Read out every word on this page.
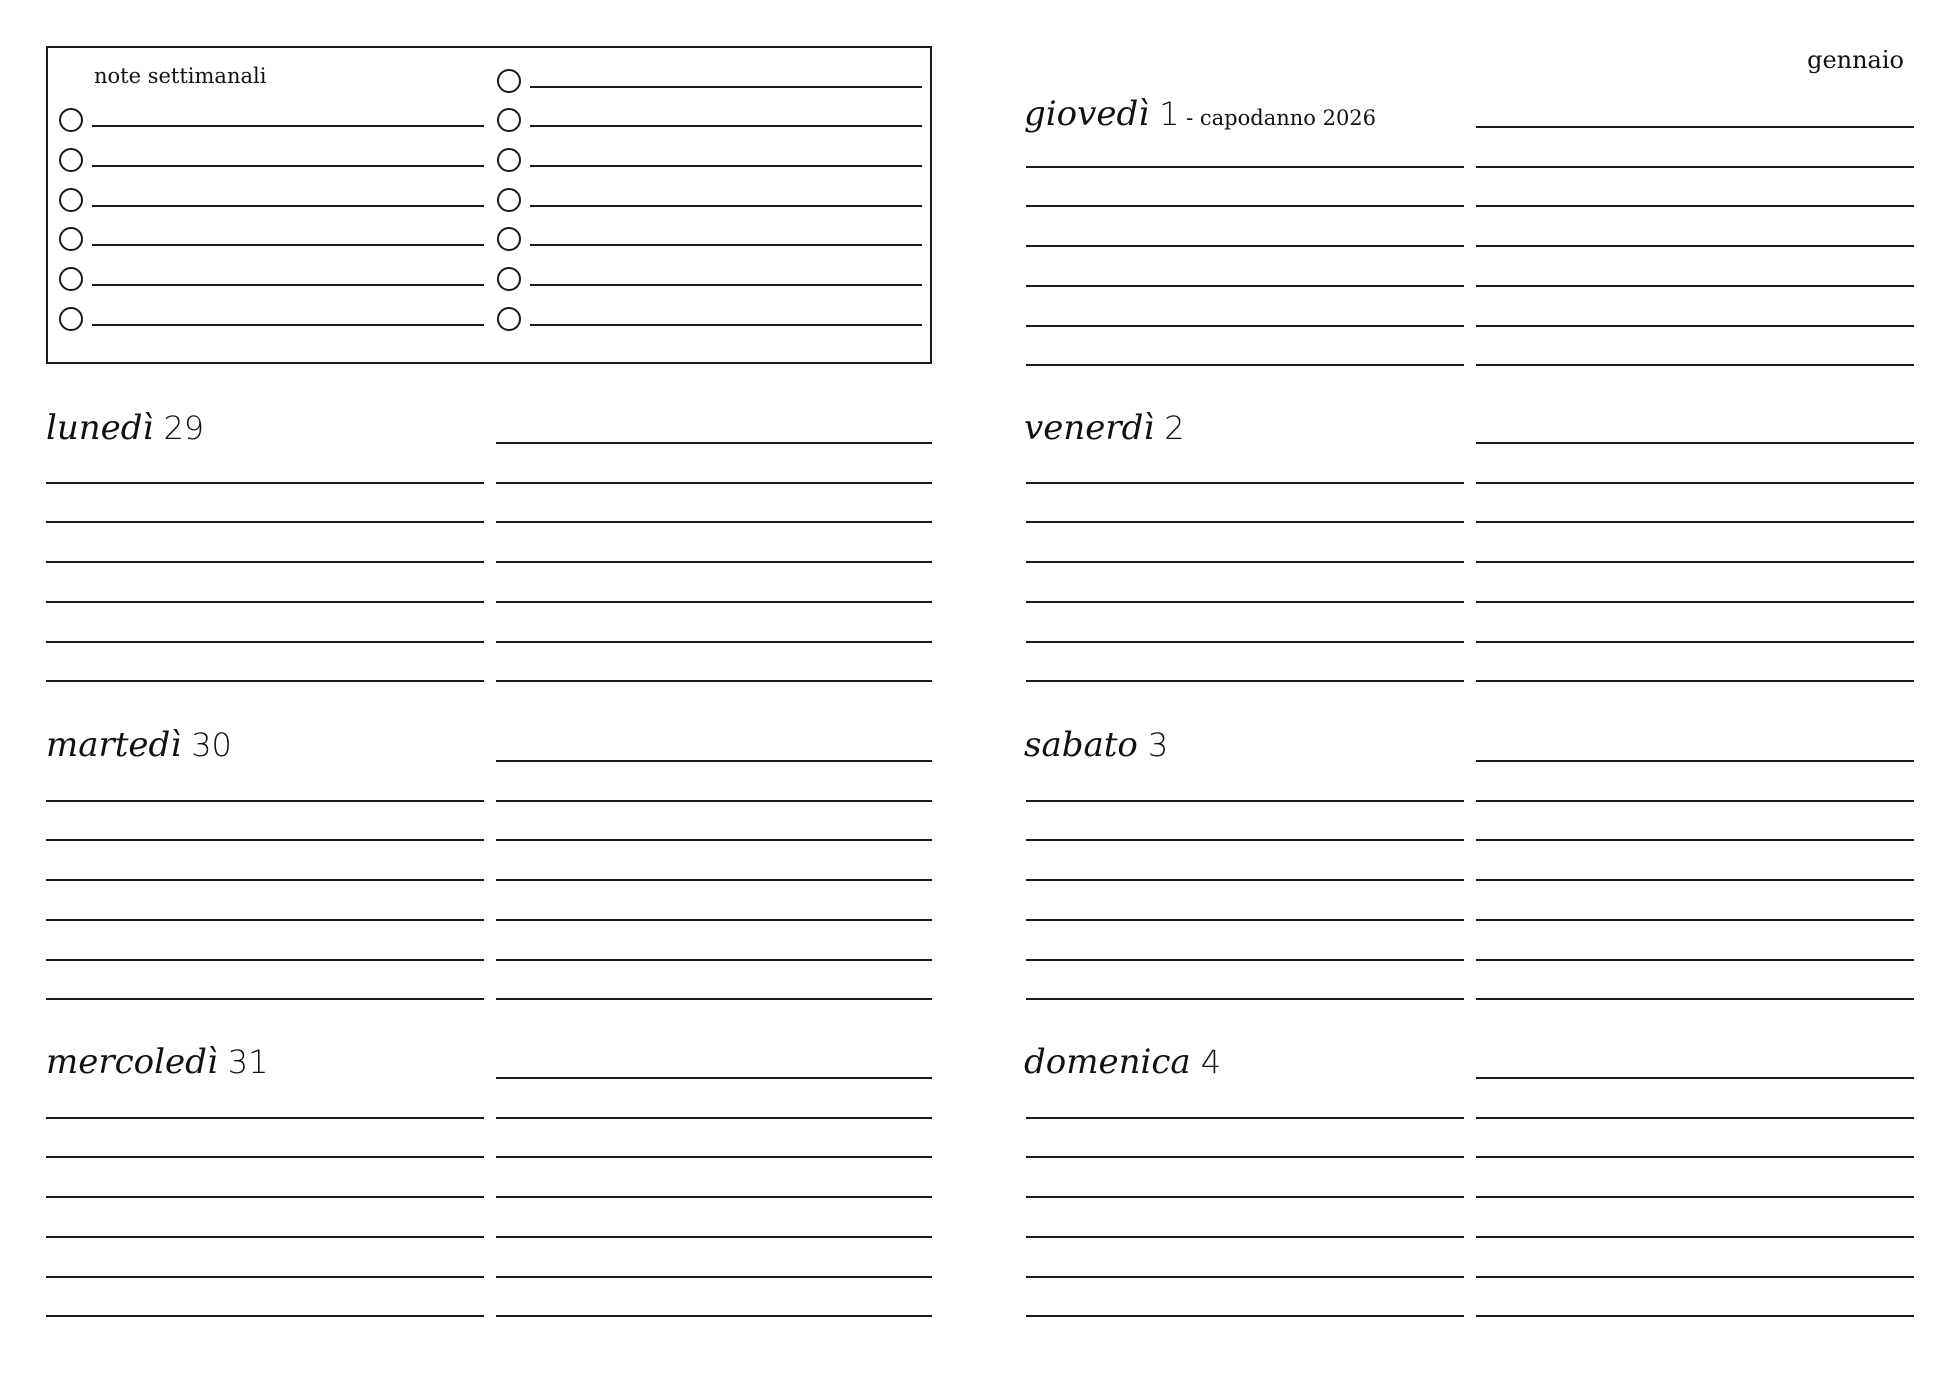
gennaio
note settimanali
lunedì 29
martedì 30
mercoledì 31
giovedì 1 - capodanno 2026
venerdì 2
sabato 3
domenica 4
